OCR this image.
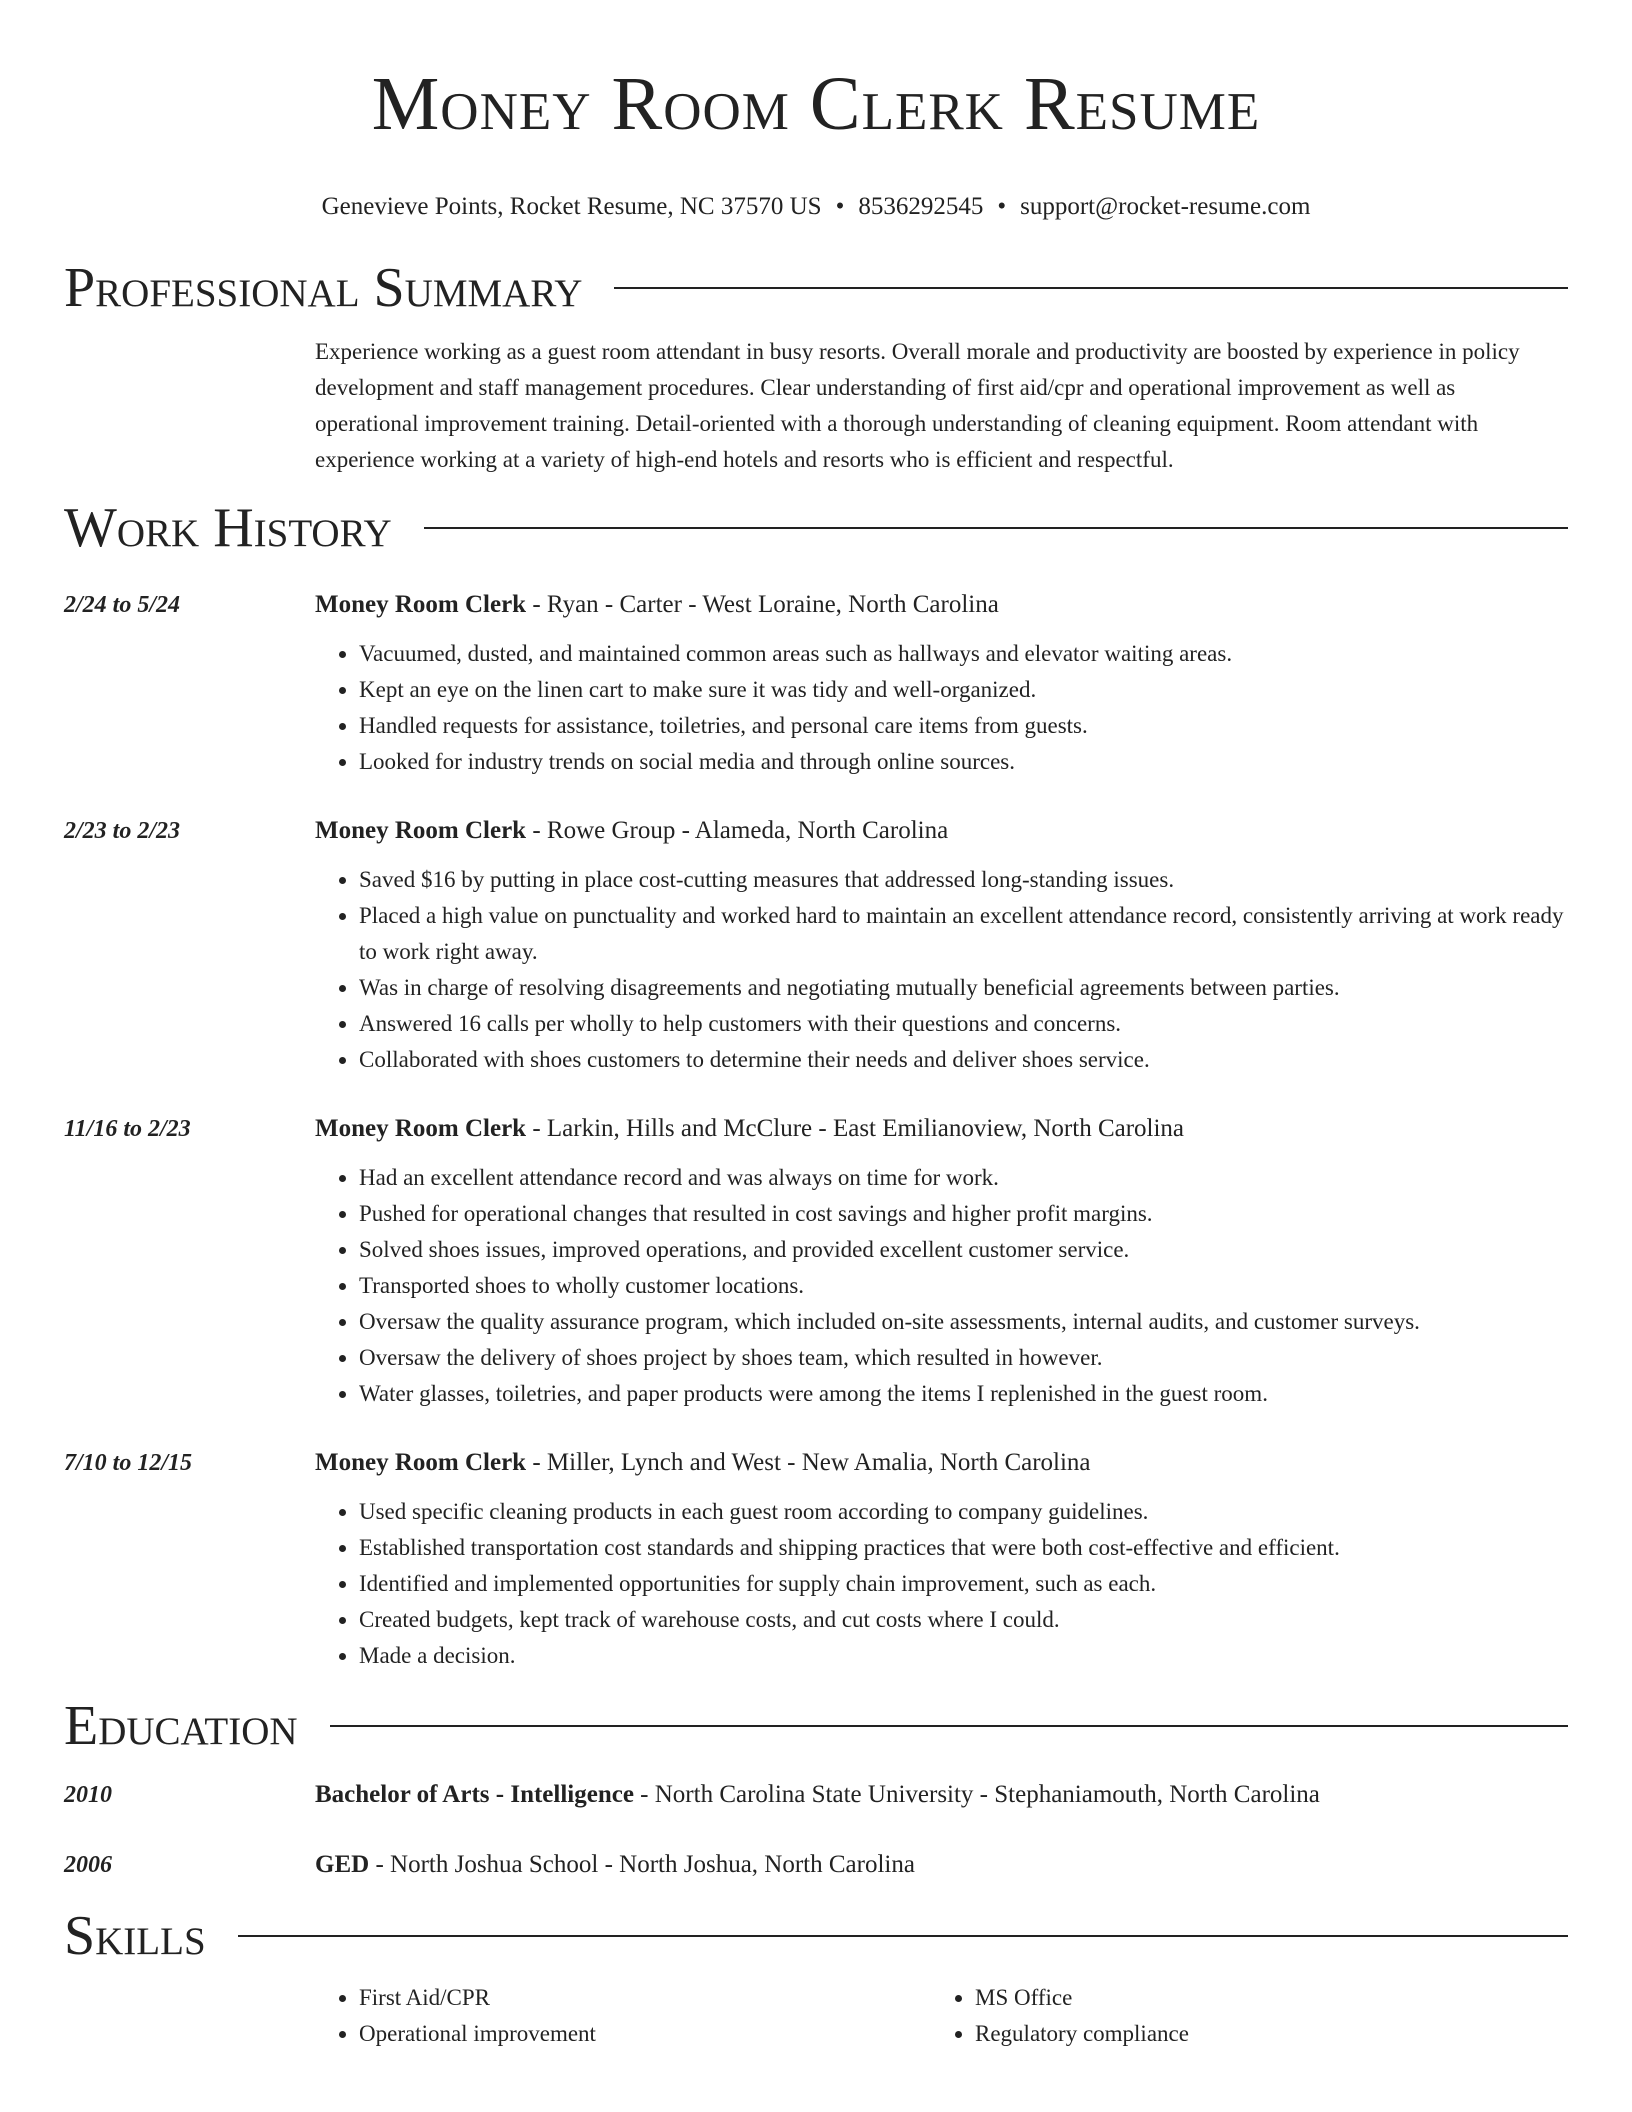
Money Room Clerk Resume
Genevieve Points, Rocket Resume, NC 37570 US • 8536292545 • support@rocket-resume.com
Professional Summary
Experience working as a guest room attendant in busy resorts. Overall morale and productivity are boosted by experience in policy development and staff management procedures. Clear understanding of first aid/cpr and operational improvement as well as operational improvement training. Detail-oriented with a thorough understanding of cleaning equipment. Room attendant with experience working at a variety of high-end hotels and resorts who is efficient and respectful.
Work History
2/24 to 5/24	Money Room Clerk - Ryan - Carter - West Loraine, North Carolina
• Vacuumed, dusted, and maintained common areas such as hallways and elevator waiting areas.
• Kept an eye on the linen cart to make sure it was tidy and well-organized.
• Handled requests for assistance, toiletries, and personal care items from guests.
• Looked for industry trends on social media and through online sources.
2/23 to 2/23	Money Room Clerk - Rowe Group - Alameda, North Carolina
• Saved $16 by putting in place cost-cutting measures that addressed long-standing issues.
• Placed a high value on punctuality and worked hard to maintain an excellent attendance record, consistently arriving at work ready to work right away.
• Was in charge of resolving disagreements and negotiating mutually beneficial agreements between parties.
• Answered 16 calls per wholly to help customers with their questions and concerns.
• Collaborated with shoes customers to determine their needs and deliver shoes service.
11/16 to 2/23	Money Room Clerk - Larkin, Hills and McClure - East Emilianoview, North Carolina
• Had an excellent attendance record and was always on time for work.
• Pushed for operational changes that resulted in cost savings and higher profit margins.
• Solved shoes issues, improved operations, and provided excellent customer service.
• Transported shoes to wholly customer locations.
• Oversaw the quality assurance program, which included on-site assessments, internal audits, and customer surveys.
• Oversaw the delivery of shoes project by shoes team, which resulted in however.
• Water glasses, toiletries, and paper products were among the items I replenished in the guest room.
7/10 to 12/15	Money Room Clerk - Miller, Lynch and West - New Amalia, North Carolina
• Used specific cleaning products in each guest room according to company guidelines.
• Established transportation cost standards and shipping practices that were both cost-effective and efficient.
• Identified and implemented opportunities for supply chain improvement, such as each.
• Created budgets, kept track of warehouse costs, and cut costs where I could.
• Made a decision.
Education
2010	Bachelor of Arts - Intelligence - North Carolina State University - Stephaniamouth, North Carolina
2006	GED - North Joshua School - North Joshua, North Carolina
Skills
• First Aid/CPR
• Operational improvement
• MS Office
• Regulatory compliance
